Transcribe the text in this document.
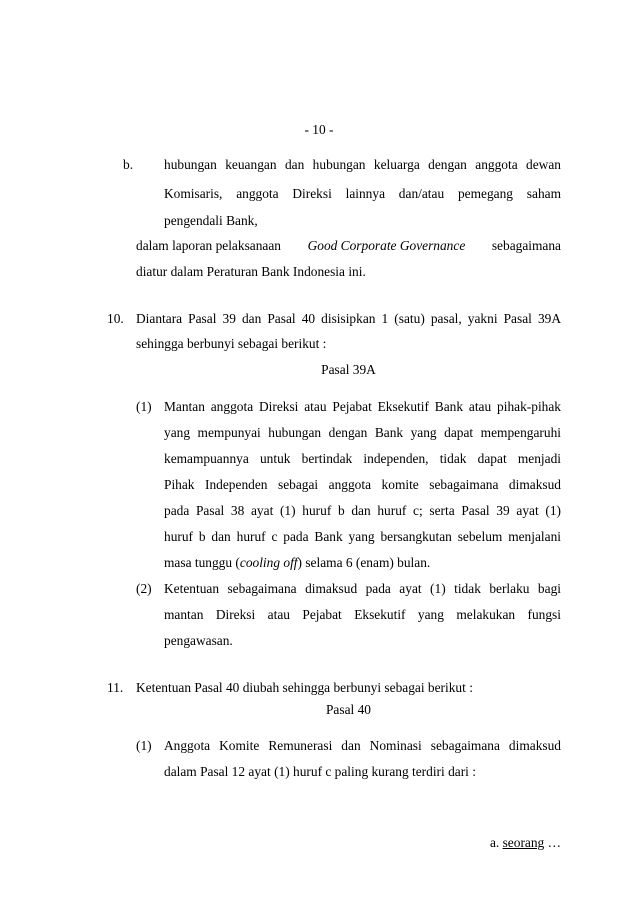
- 10 -
b. hubungan keuangan dan hubungan keluarga dengan anggota dewan
Komisaris, anggota Direksi lainnya dan/atau pemegang saham
pengendali Bank,
dalam laporan pelaksanaan Good Corporate Governance sebagaimana
diatur dalam Peraturan Bank Indonesia ini.
10. Diantara Pasal 39 dan Pasal 40 disisipkan 1 (satu) pasal, yakni Pasal 39A
sehingga berbunyi sebagai berikut :
Pasal 39A
(1) Mantan anggota Direksi atau Pejabat Eksekutif Bank atau pihak-pihak
yang mempunyai hubungan dengan Bank yang dapat mempengaruhi
kemampuannya untuk bertindak independen, tidak dapat menjadi
Pihak Independen sebagai anggota komite sebagaimana dimaksud
pada Pasal 38 ayat (1) huruf b dan huruf c; serta Pasal 39 ayat (1)
huruf b dan huruf c pada Bank yang bersangkutan sebelum menjalani
masa tunggu (cooling off) selama 6 (enam) bulan.
(2) Ketentuan sebagaimana dimaksud pada ayat (1) tidak berlaku bagi
mantan Direksi atau Pejabat Eksekutif yang melakukan fungsi
pengawasan.
11. Ketentuan Pasal 40 diubah sehingga berbunyi sebagai berikut :
Pasal 40
(1) Anggota Komite Remunerasi dan Nominasi sebagaimana dimaksud
dalam Pasal 12 ayat (1) huruf c paling kurang terdiri dari :
a. seorang …
